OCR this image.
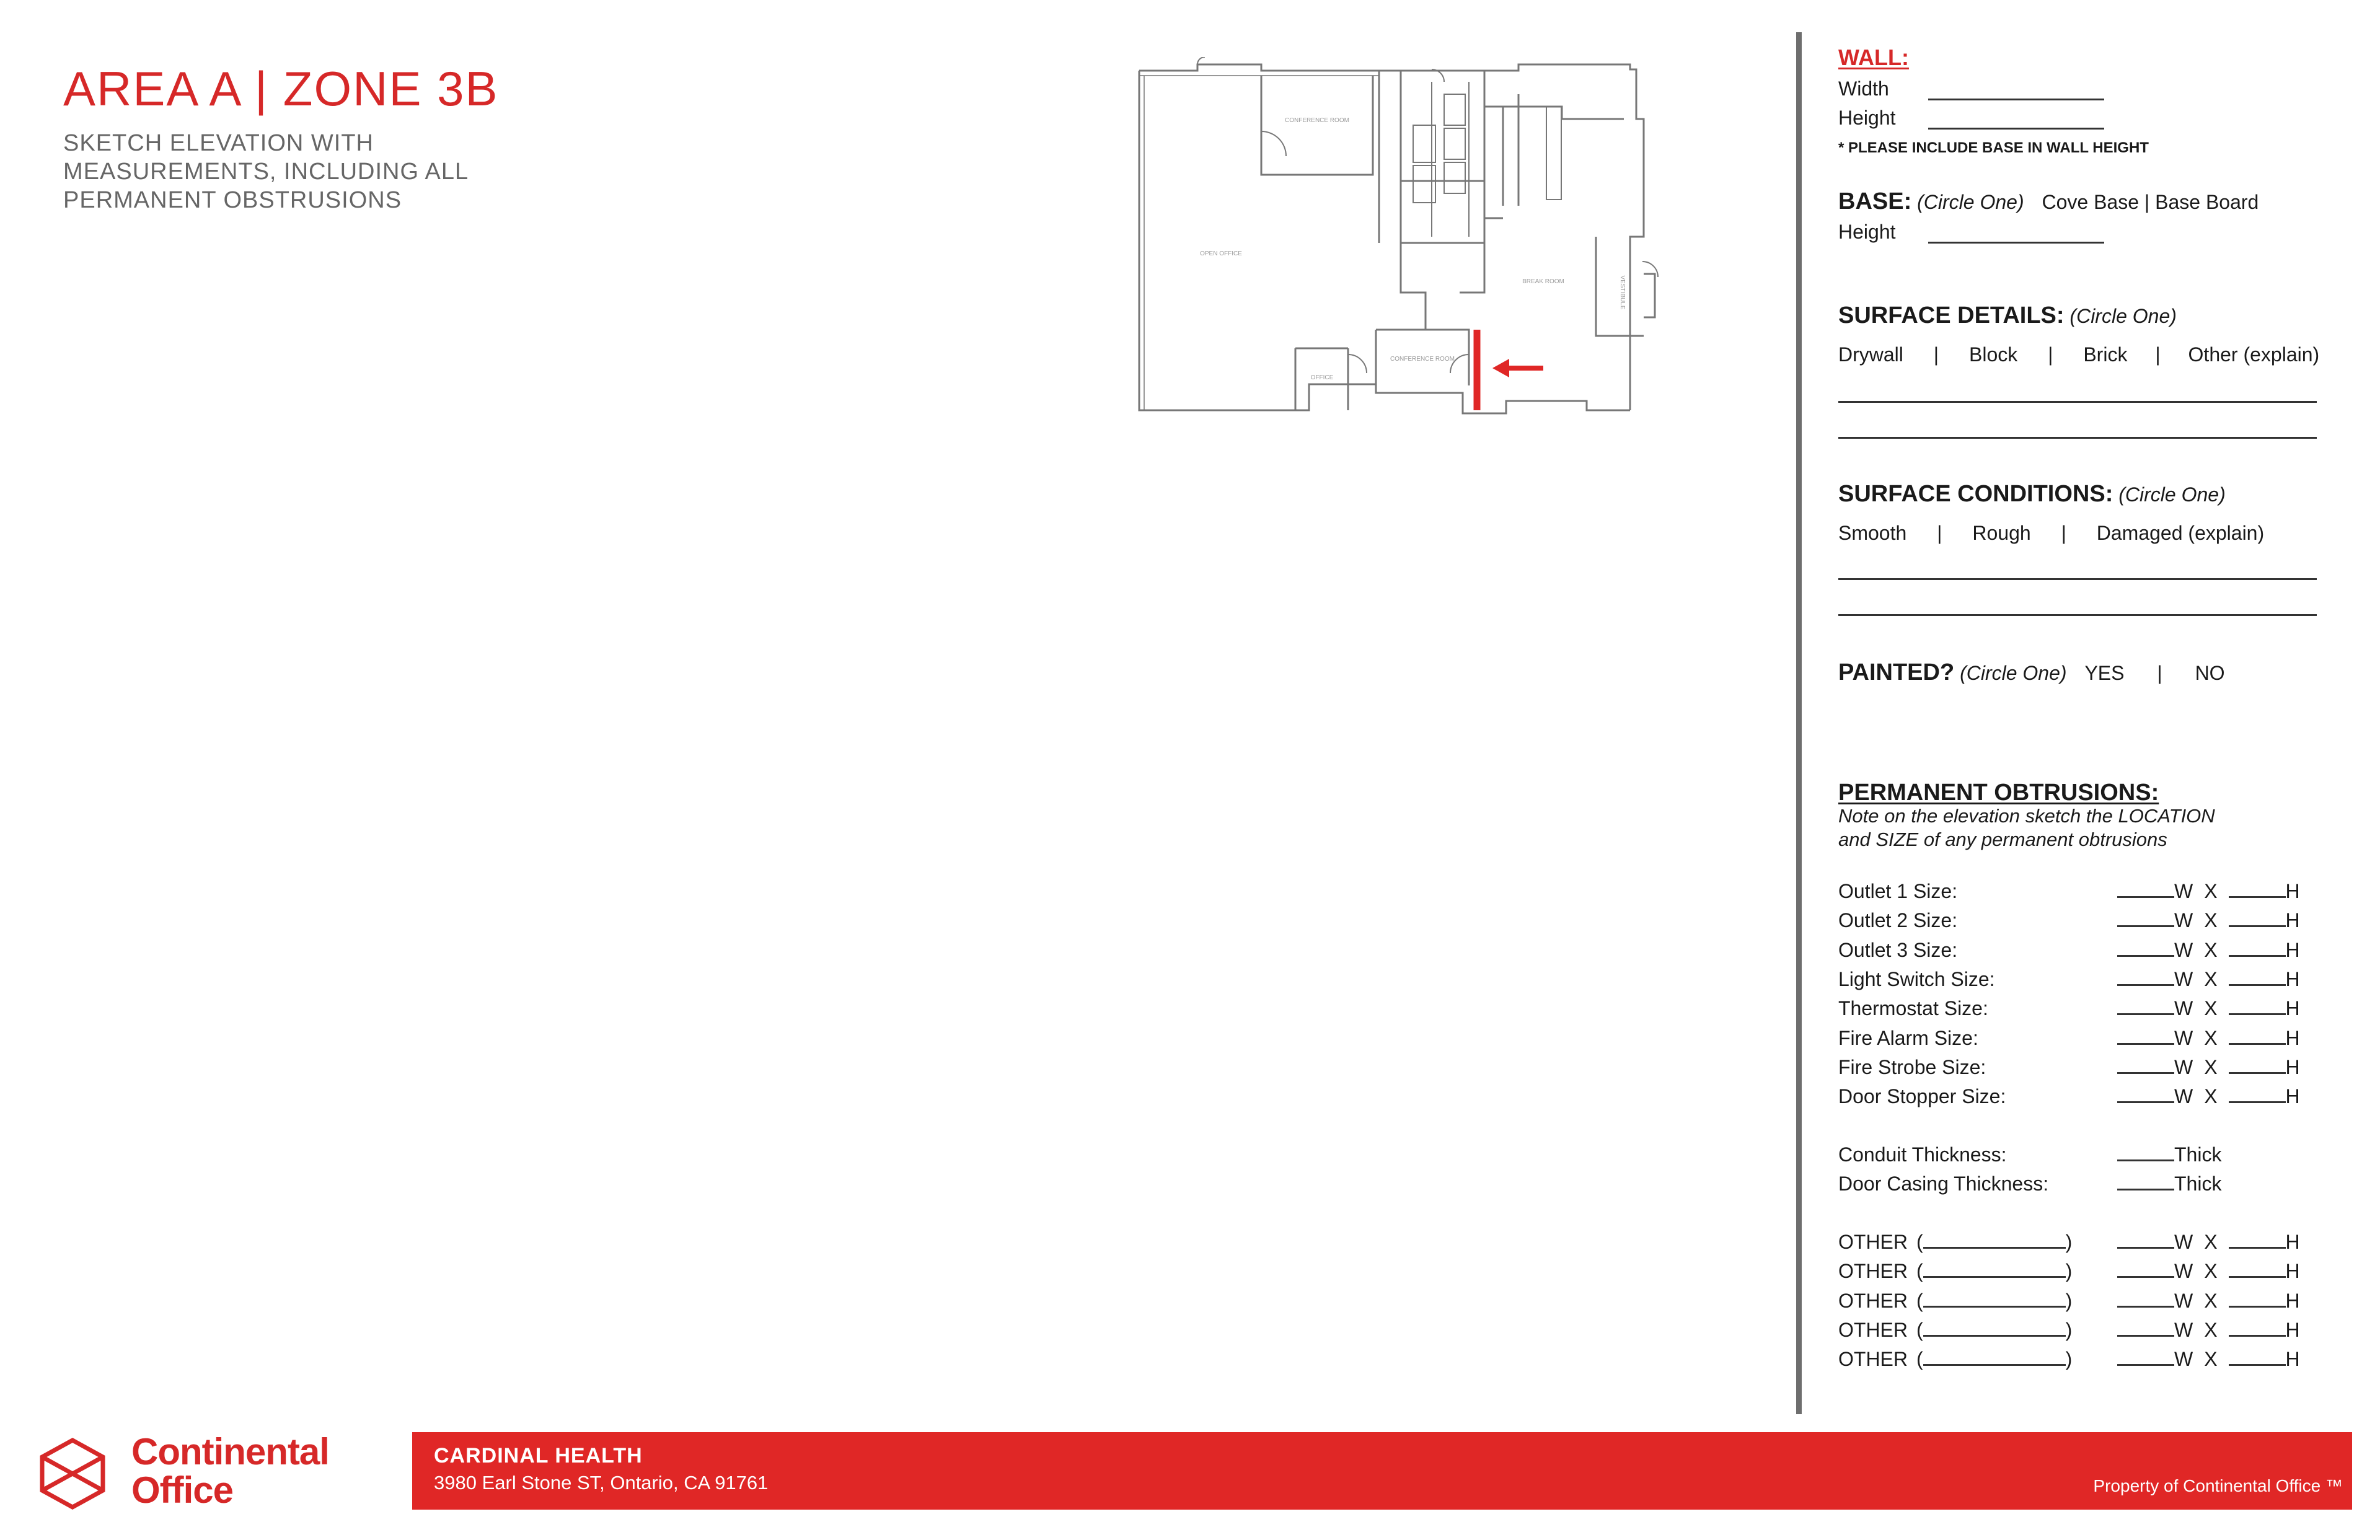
AREA A | ZONE 3B
SKETCH ELEVATION WITH
MEASUREMENTS, INCLUDING ALL
PERMANENT OBSTRUSIONS
CONFERENCE ROOM
OPEN OFFICE
BREAK ROOM	VESTIBULE
CONFERENCE ROOM
OFFICE
WALL:
Width
Height
* PLEASE INCLUDE BASE IN WALL HEIGHT
BASE: (Circle One) Cove Base | Base Board
Height
SURFACE DETAILS: (Circle One)
Drywall | Block | Brick | Other (explain)
SURFACE CONDITIONS: (Circle One)
Smooth | Rough | Damaged (explain)
PAINTED? (Circle One) YES | NO
PERMANENT OBTRUSIONS:
Note on the elevation sketch the LOCATION
and SIZE of any permanent obtrusions
Outlet 1 Size:	W X	H
Outlet 2 Size:	W X	H
Outlet 3 Size:	W X	H
Light Switch Size:	W X	H
Thermostat Size:	W X	H
Fire Alarm Size:	W X	H
Fire Strobe Size:	W X	H
Door Stopper Size:	W X	H
Conduit Thickness:	Thick
Door Casing Thickness:	Thick
OTHER (	)	W X	H
OTHER (	)	W X	H
OTHER (	)	W X	H
OTHER (	)	W X	H
OTHER (	)	W X	H
Continental
Office
CARDINAL HEALTH
3980 Earl Stone ST, Ontario, CA 91761	Property of Continental Office ™
